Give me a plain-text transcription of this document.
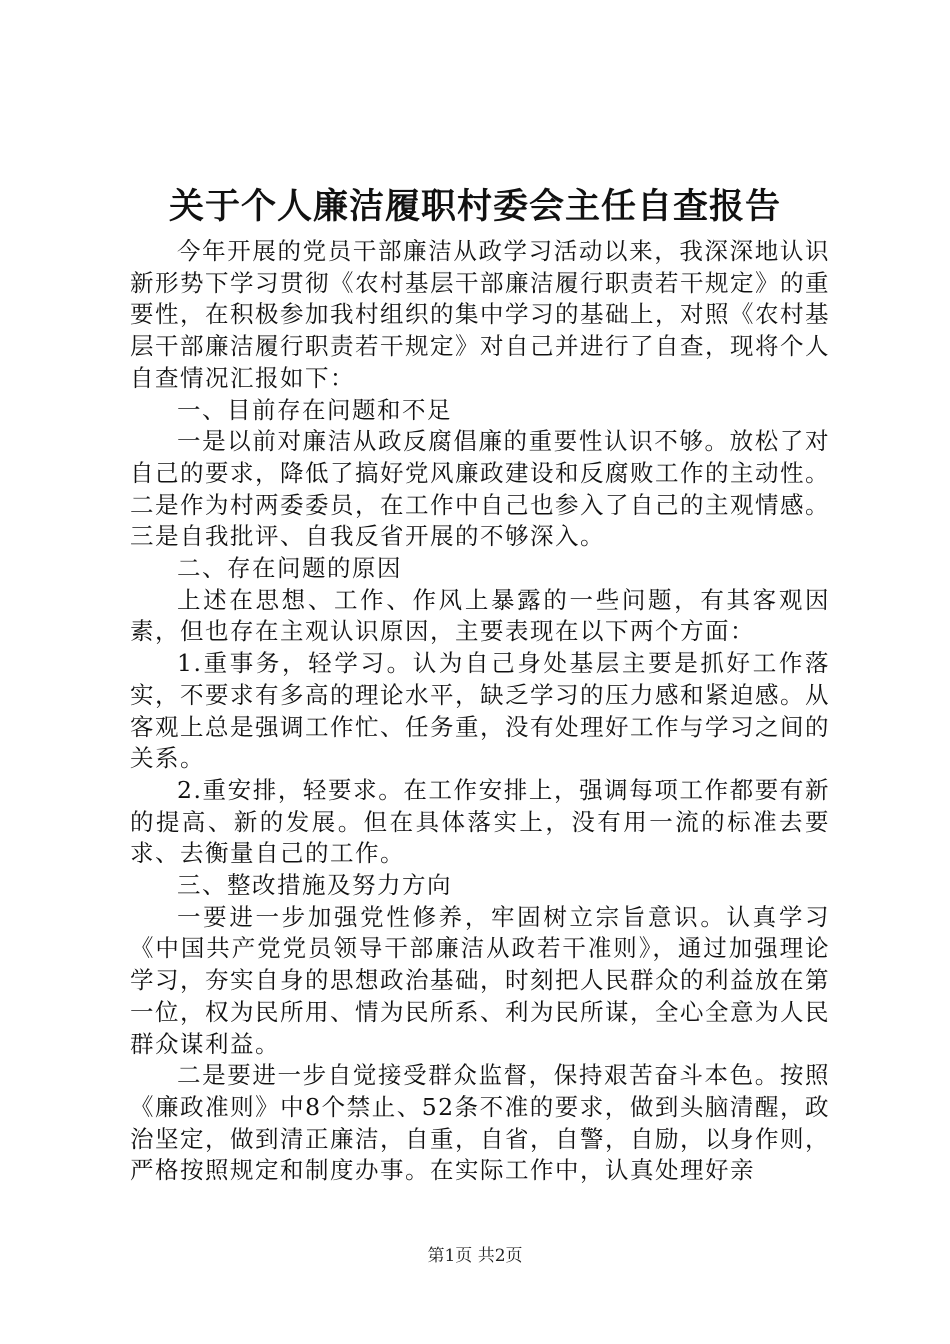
关于个人廉洁履职村委会主任自查报告

今年开展的党员干部廉洁从政学习活动以来，我深深地认识新形势下学习贯彻《农村基层干部廉洁履行职责若干规定》的重要性，在积极参加我村组织的集中学习的基础上，对照《农村基层干部廉洁履行职责若干规定》对自己并进行了自查，现将个人自查情况汇报如下：

一、目前存在问题和不足

一是以前对廉洁从政反腐倡廉的重要性认识不够。放松了对自己的要求，降低了搞好党风廉政建设和反腐败工作的主动性。二是作为村两委委员，在工作中自己也参入了自己的主观情感。三是自我批评、自我反省开展的不够深入。

二、存在问题的原因

上述在思想、工作、作风上暴露的一些问题，有其客观因素，但也存在主观认识原因，主要表现在以下两个方面：

1.重事务，轻学习。认为自己身处基层主要是抓好工作落实，不要求有多高的理论水平，缺乏学习的压力感和紧迫感。从客观上总是强调工作忙、任务重，没有处理好工作与学习之间的关系。

2.重安排，轻要求。在工作安排上，强调每项工作都要有新的提高、新的发展。但在具体落实上，没有用一流的标准去要求、去衡量自己的工作。

三、整改措施及努力方向

一要进一步加强党性修养，牢固树立宗旨意识。认真学习《中国共产党党员领导干部廉洁从政若干准则》，通过加强理论学习，夯实自身的思想政治基础，时刻把人民群众的利益放在第一位，权为民所用、情为民所系、利为民所谋，全心全意为人民群众谋利益。

二是要进一步自觉接受群众监督，保持艰苦奋斗本色。按照《廉政准则》中8个禁止、52条不准的要求，做到头脑清醒，政治坚定，做到清正廉洁，自重，自省，自警，自励，以身作则，严格按照规定和制度办事。在实际工作中，认真处理好亲

第1页 共2页
